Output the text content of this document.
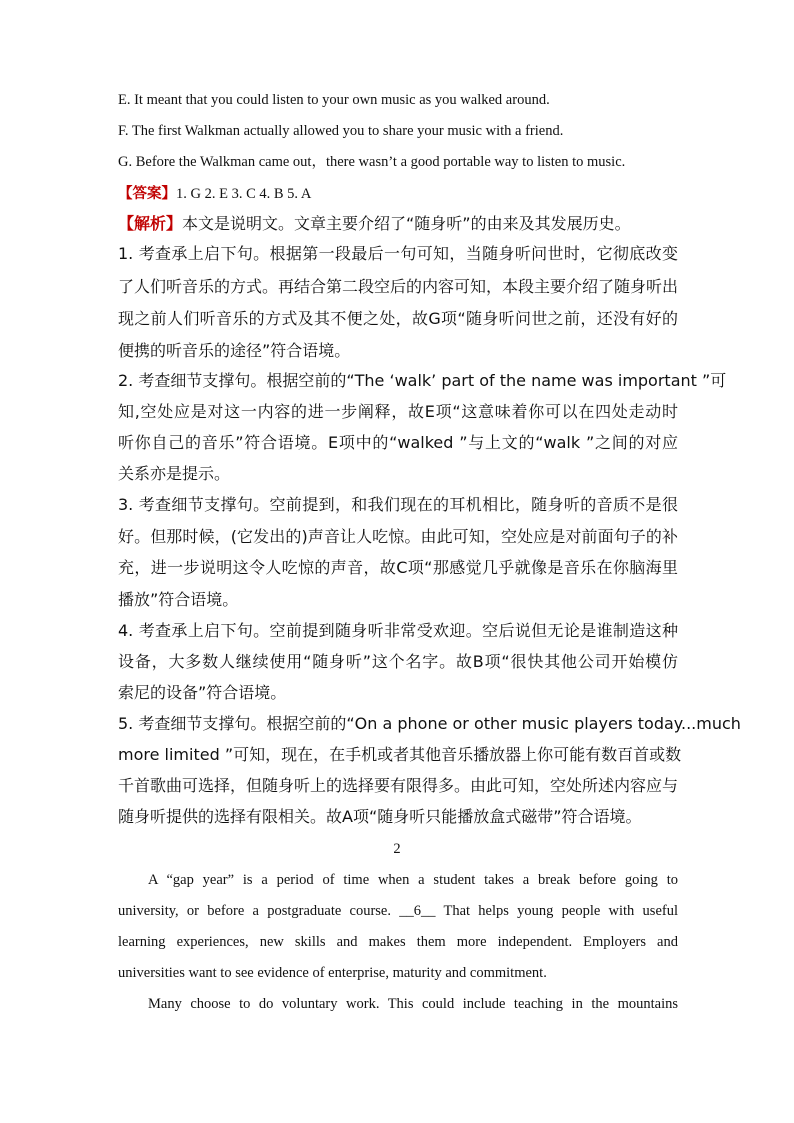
E. It meant that you could listen to your own music as you walked around.
F. The first Walkman actually allowed you to share your music with a friend.
G. Before the Walkman came out，there wasn’t a good portable way to listen to music.
【答案】1. G 2. E 3. C 4. B 5. A
【解析】本文是说明文。文章主要介绍了“随身听”的由来及其发展历史。
1. 考查承上启下句。根据第一段最后一句可知，当随身听问世时，它彻底改变
了人们听音乐的方式。再结合第二段空后的内容可知，本段主要介绍了随身听出
现之前人们听音乐的方式及其不便之处，故G项“随身听问世之前，还没有好的
便携的听音乐的途径”符合语境。
2. 考查细节支撑句。根据空前的“The ‘walk’ part of the name was important ”可
知,空处应是对这一内容的进一步阐释，故E项“这意味着你可以在四处走动时
听你自己的音乐”符合语境。E项中的“walked ”与上文的“walk ”之间的对应
关系亦是提示。
3. 考查细节支撑句。空前提到，和我们现在的耳机相比，随身听的音质不是很
好。但那时候，(它发出的)声音让人吃惊。由此可知，空处应是对前面句子的补
充，进一步说明这令人吃惊的声音，故C项“那感觉几乎就像是音乐在你脑海里
播放”符合语境。
4. 考查承上启下句。空前提到随身听非常受欢迎。空后说但无论是谁制造这种
设备，大多数人继续使用“随身听”这个名字。故B项“很快其他公司开始模仿
索尼的设备”符合语境。
5. 考查细节支撑句。根据空前的“On a phone or other music players today...much
more limited ”可知，现在，在手机或者其他音乐播放器上你可能有数百首或数
千首歌曲可选择，但随身听上的选择要有限得多。由此可知，空处所述内容应与
随身听提供的选择有限相关。故A项“随身听只能播放盒式磁带”符合语境。
2
A “gap year” is a period of time when a student takes a break before going to
university, or before a postgraduate course. __6__ That helps young people with useful
learning experiences, new skills and makes them more independent. Employers and
universities want to see evidence of enterprise, maturity and commitment.
Many choose to do voluntary work. This could include teaching in the mountains
